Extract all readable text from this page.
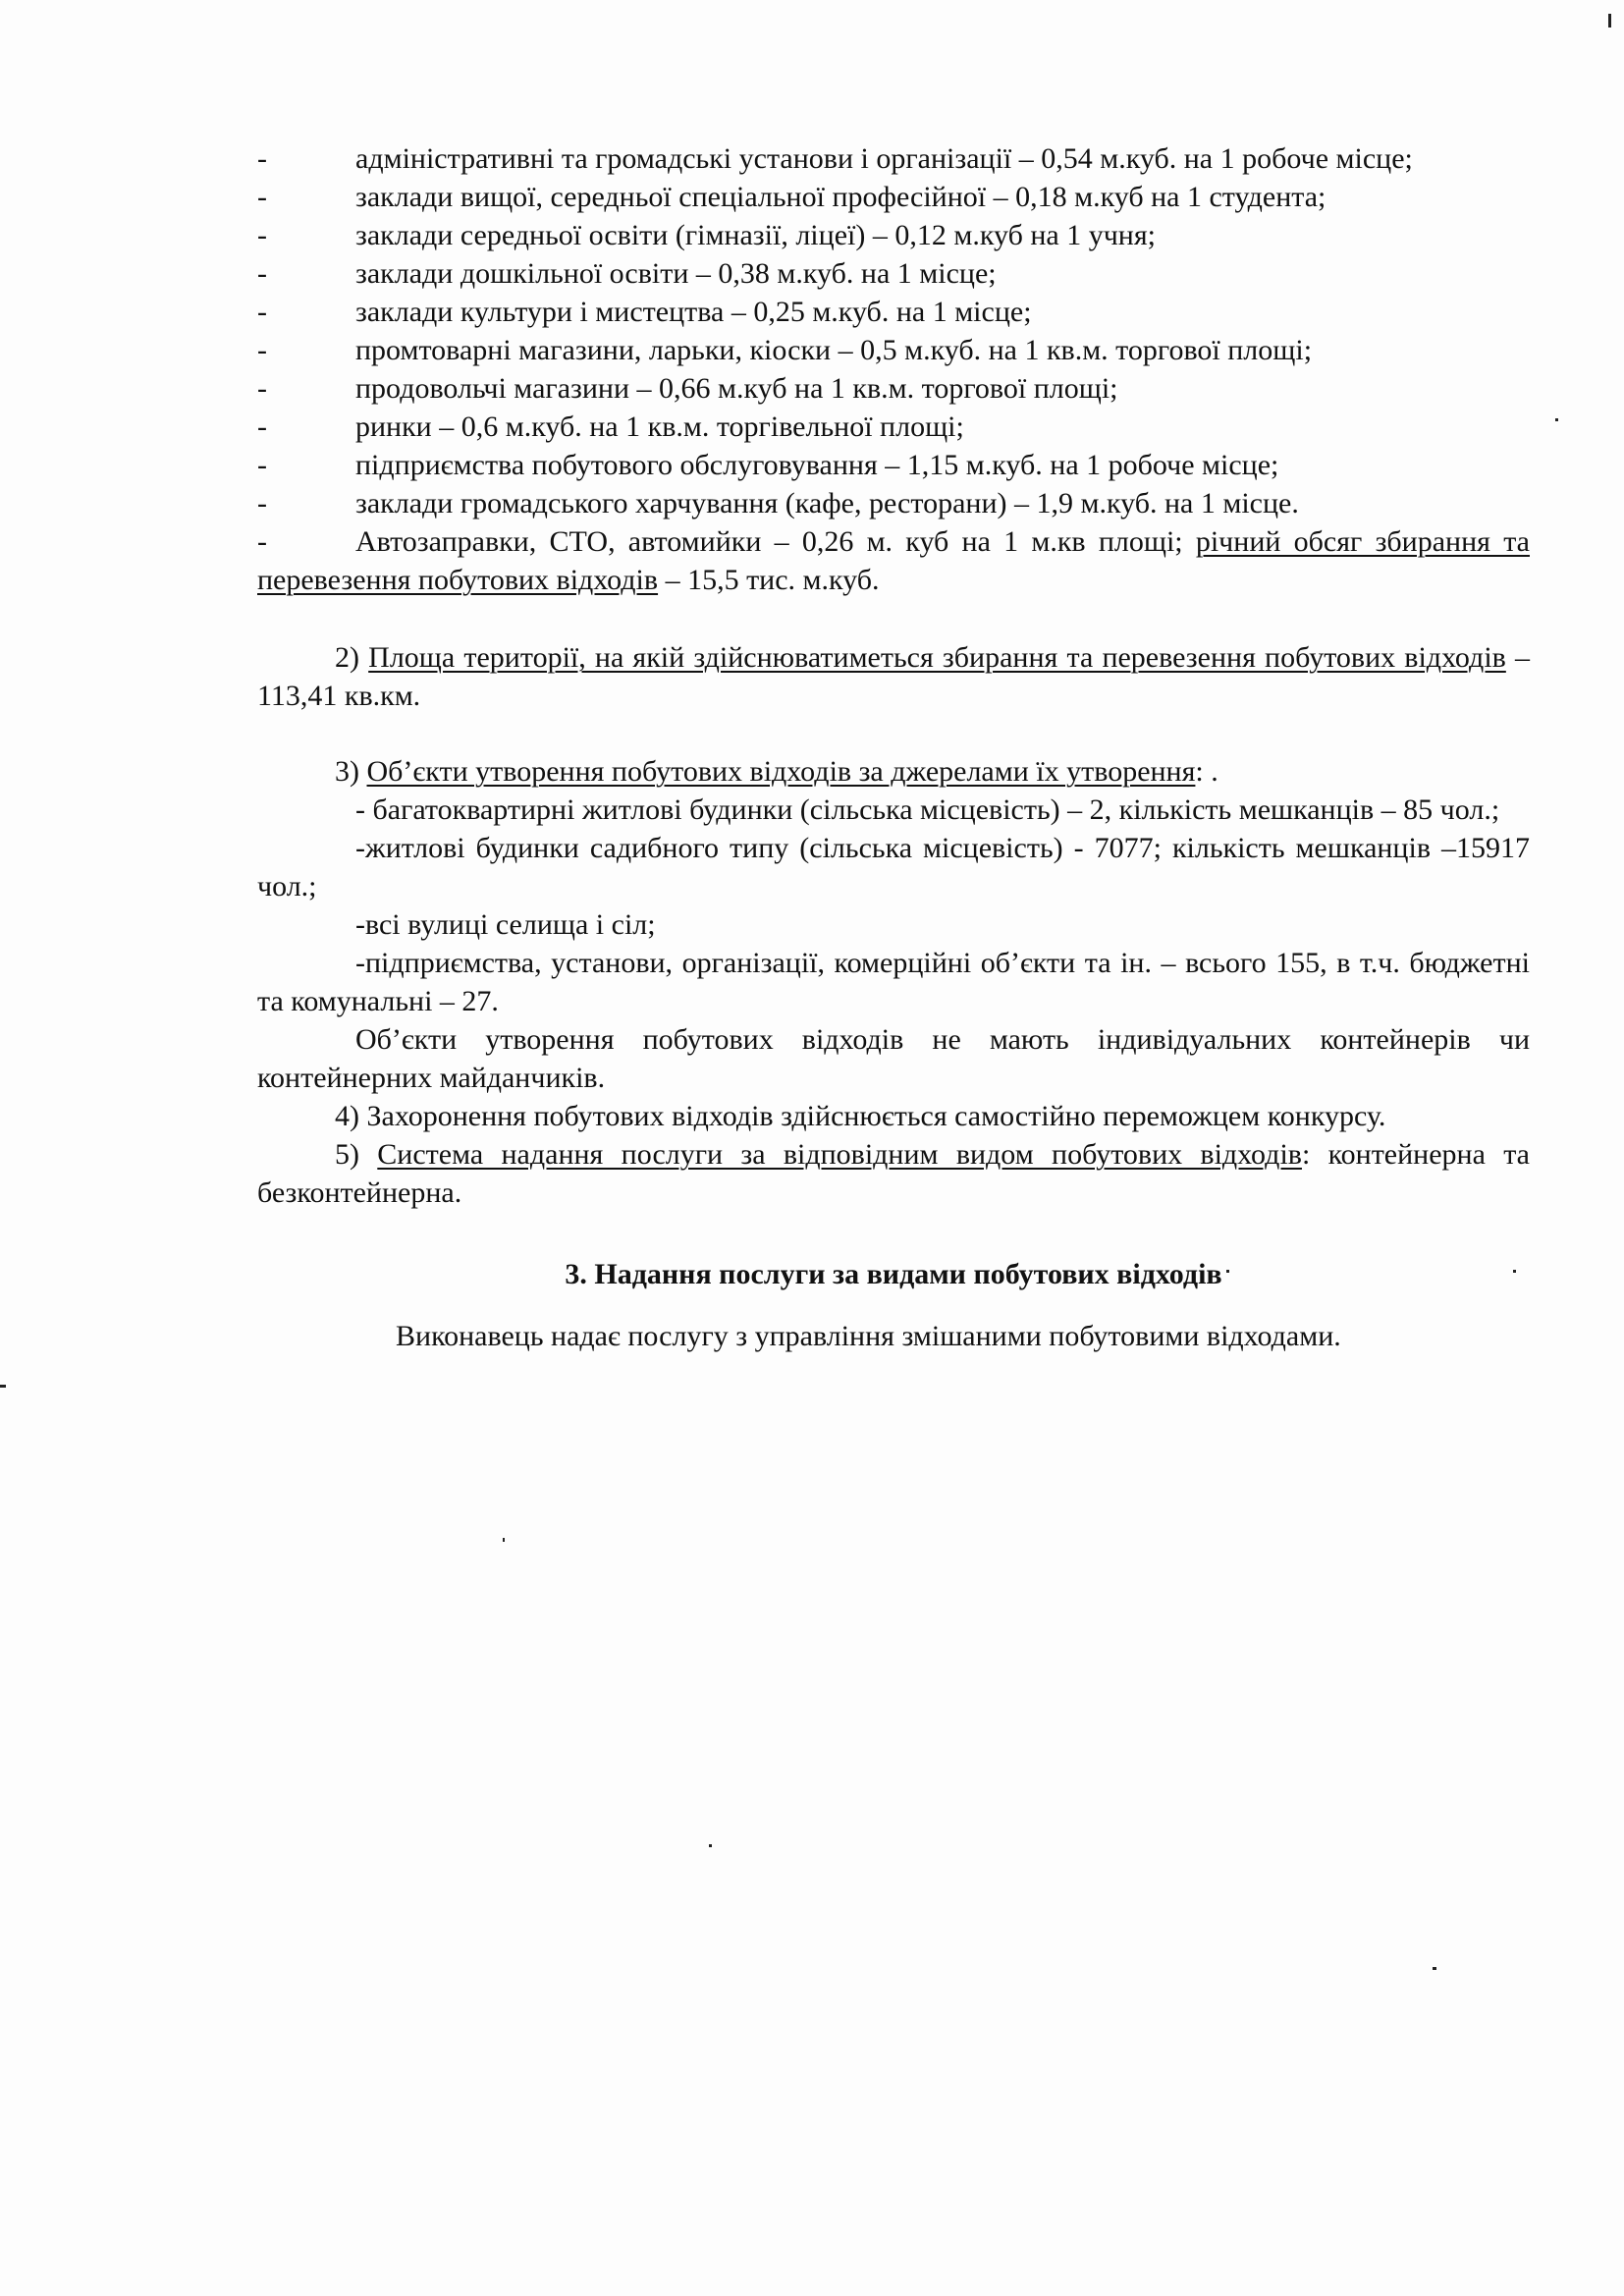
-	адміністративні та громадські установи і організації – 0,54 м.куб. на 1 робоче місце;
-	заклади вищої, середньої спеціальної професійної – 0,18 м.куб на 1 студента;
-	заклади середньої освіти (гімназії, ліцеї) – 0,12 м.куб на 1 учня;
-	заклади дошкільної освіти – 0,38 м.куб. на 1 місце;
-	заклади культури і мистецтва – 0,25 м.куб. на 1 місце;
-	промтоварні магазини, ларьки, кіоски – 0,5 м.куб. на 1 кв.м. торгової площі;
-	продовольчі магазини – 0,66 м.куб на 1 кв.м. торгової площі;
-	ринки – 0,6 м.куб. на 1 кв.м. торгівельної площі;
-	підприємства побутового обслуговування – 1,15 м.куб. на 1 робоче місце;
-	заклади громадського харчування (кафе, ресторани) – 1,9 м.куб. на 1 місце.
-	Автозаправки, СТО, автомийки – 0,26 м. куб на 1 м.кв площі; річний обсяг збирання та перевезення побутових відходів – 15,5 тис. м.куб.

2) Площа території, на якій здійснюватиметься збирання та перевезення побутових відходів – 113,41 кв.км.

3) Об’єкти утворення побутових відходів за джерелами їх утворення: .

- багатоквартирні житлові будинки (сільська місцевість) – 2, кількість мешканців – 85 чол.;

-житлові будинки садибного типу (сільська місцевість) - 7077; кількість мешканців –15917 чол.;

-всі вулиці селища і сіл;

-підприємства, установи, організації, комерційні об’єкти та ін. – всього 155, в т.ч. бюджетні та комунальні – 27.

Об’єкти утворення побутових відходів не мають індивідуальних контейнерів чи контейнерних майданчиків.

4) Захоронення побутових відходів здійснюється самостійно переможцем конкурсу.

5) Система надання послуги за відповідним видом побутових відходів: контейнерна та безконтейнерна.

3. Надання послуги за видами побутових відходів

Виконавець надає послугу з управління змішаними побутовими відходами.
